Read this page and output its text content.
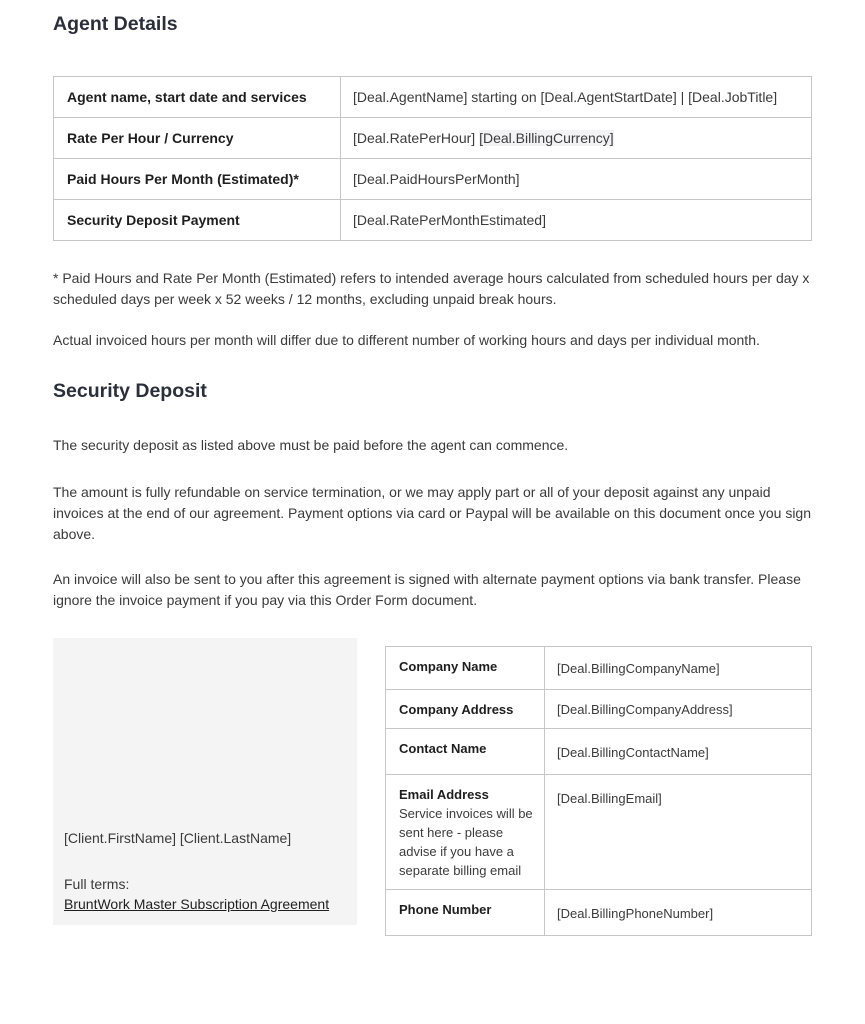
Agent Details
Agent name, start date and services	[Deal.AgentName] starting on [Deal.AgentStartDate] | [Deal.JobTitle]
Rate Per Hour / Currency	[Deal.RatePerHour] [Deal.BillingCurrency]
Paid Hours Per Month (Estimated)*	[Deal.PaidHoursPerMonth]
Security Deposit Payment	[Deal.RatePerMonthEstimated]

* Paid Hours and Rate Per Month (Estimated) refers to intended average hours calculated from scheduled hours per day x scheduled days per week x 52 weeks / 12 months, excluding unpaid break hours.

Actual invoiced hours per month will differ due to different number of working hours and days per individual month.

Security Deposit

The security deposit as listed above must be paid before the agent can commence.

The amount is fully refundable on service termination, or we may apply part or all of your deposit against any unpaid invoices at the end of our agreement. Payment options via card or Paypal will be available on this document once you sign above.

An invoice will also be sent to you after this agreement is signed with alternate payment options via bank transfer. Please ignore the invoice payment if you pay via this Order Form document.

[Client.FirstName] [Client.LastName]
Full terms:
BruntWork Master Subscription Agreement
Company Name	[Deal.BillingCompanyName]
Company Address	[Deal.BillingCompanyAddress]
Contact Name	[Deal.BillingContactName]

Email Address
Service invoices will be sent here - please advise if you have a separate billing email	[Deal.BillingEmail]
Phone Number	[Deal.BillingPhoneNumber]
